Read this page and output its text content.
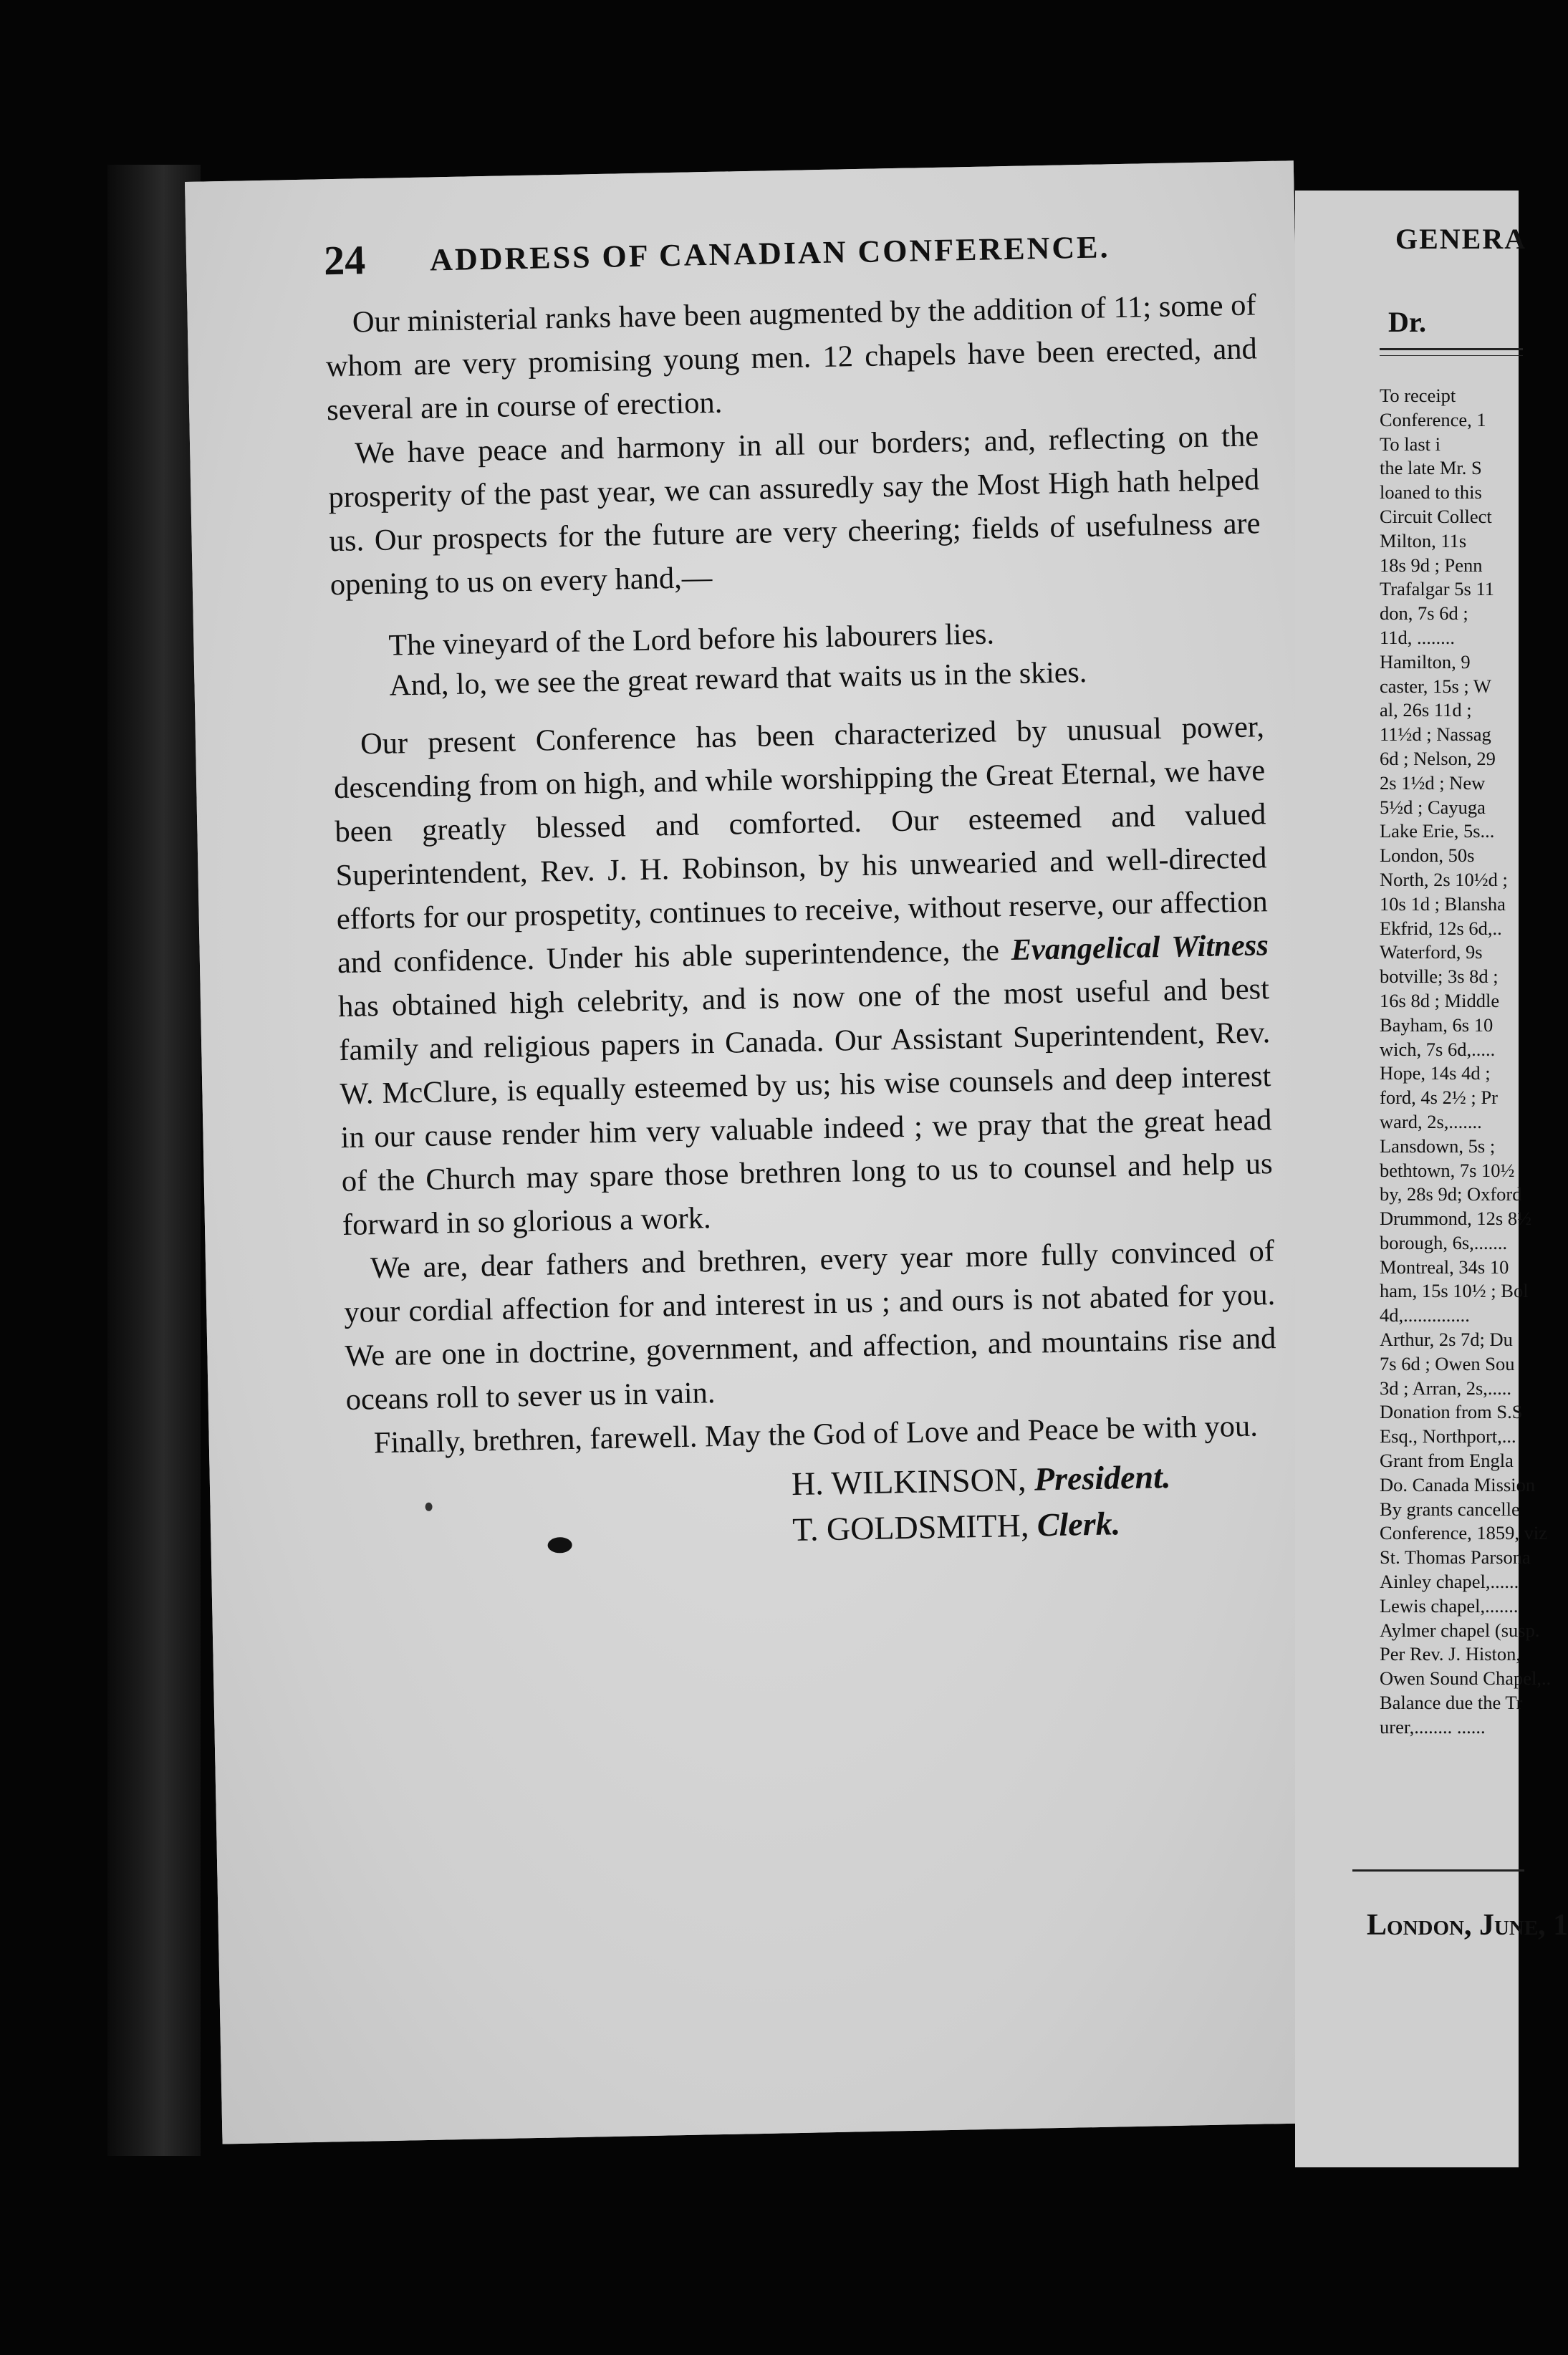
24 ADDRESS OF CANADIAN CONFERENCE.

Our ministerial ranks have been augmented by the addition of 11; some of whom are very promising young men. 12 chapels have been erected, and several are in course of erection.

We have peace and harmony in all our borders; and, reflecting on the prosperity of the past year, we can assuredly say the Most High hath helped us. Our prospects for the future are very cheering; fields of usefulness are opening to us on every hand,—

The vineyard of the Lord before his labourers lies.
And, lo, we see the great reward that waits us in the skies.

Our present Conference has been characterized by unusual power, descending from on high, and while worshipping the Great Eternal, we have been greatly blessed and comforted. Our esteemed and valued Superintendent, Rev. J. H. Robinson, by his unwearied and well-directed efforts for our prospetity, continues to receive, without reserve, our affection and confidence. Under his able superintendence, the Evangelical Witness has obtained high celebrity, and is now one of the most useful and best family and religious papers in Canada. Our Assistant Superintendent, Rev. W. McClure, is equally esteemed by us; his wise counsels and deep interest in our cause render him very valuable indeed ; we pray that the great head of the Church may spare those brethren long to us to counsel and help us forward in so glorious a work.

We are, dear fathers and brethren, every year more fully convinced of your cordial affection for and interest in us ; and ours is not abated for you. We are one in doctrine, government, and affection, and mountains rise and oceans roll to sever us in vain.

Finally, brethren, farewell. May the God of Love and Peace be with you.

H. WILKINSON, President.
T. GOLDSMITH, Clerk.
GENERA
Dr.
To receipt
Conference, 1
To last i
the late Mr. S
loaned to this
Circuit Collect
Milton, 11s
18s 9d ; Penn
Trafalgar 5s 11
don, 7s 6d ;
11d, ........
Hamilton, 9
caster, 15s ; W
al, 26s 11d ;
11½d ; Nassag
6d ; Nelson, 29
2s 1½d ; New
5½d ; Cayuga
Lake Erie, 5s...
London, 50s
North, 2s 10½d ;
10s 1d ; Blansha
Ekfrid, 12s 6d,..
Waterford, 9s
botville; 3s 8d ;
16s 8d ; Middle
Bayham, 6s 10
wich, 7s 6d,.....
Hope, 14s 4d ;
ford, 4s 2½ ; Pr
ward, 2s,.......
Lansdown, 5s ;
bethtown, 7s 10½
by, 28s 9d; Oxford
Drummond, 12s 8½
borough, 6s,.......
Montreal, 34s 10
ham, 15s 10½ ; Bol
4d,..............
Arthur, 2s 7d; Du
7s 6d ; Owen Sou
3d ; Arran, 2s,.....
Donation from S.S
Esq., Northport,...
Grant from Engla
Do. Canada Mission
By grants cancelle
Conference, 1859, viz
St. Thomas Parsona
Ainley chapel,......
Lewis chapel,.......
Aylmer chapel (susp.
Per Rev. J. Histon,
Owen Sound Chapel,..
Balance due the Tr
urer,........ ......
London, June, 1
